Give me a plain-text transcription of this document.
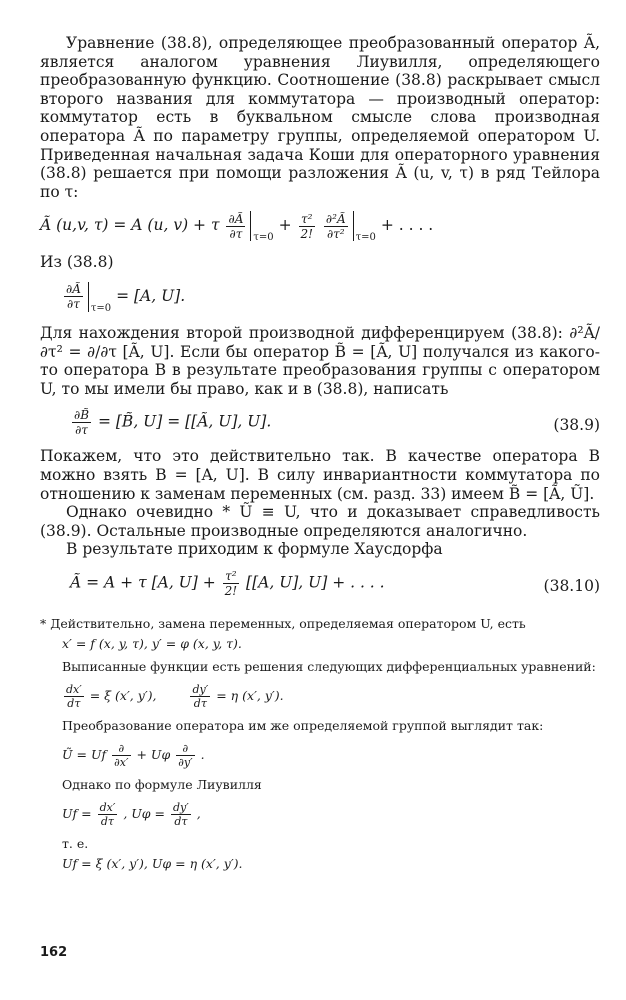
Уравнение (38.8), определяющее преобразованный оператор Ã, является аналогом уравнения Лиувилля, определяющего преобразованную функцию. Соотношение (38.8) раскрывает смысл второго названия для коммутатора — производный оператор: коммутатор есть в буквальном смысле слова производная оператора Ã по параметру группы, определяемой оператором U. Приведенная начальная задача Коши для операторного уравнения (38.8) решается при помощи разложения Ã (u, v, τ) в ряд Тейлора по τ:

Ã (u,v, τ) = A (u, v) + τ $\frac{\partial Ã}{\partial\tau} _{\tau=0} + \frac{\text{τ²}}{2!}$
$\frac{\text{∂²Ã}}{\text{∂τ²}} _{\tau=0}$ + . . . .

Из (38.8)

$\frac{\partial Ã}{\partial\tau} _{\tau=0} = [A$, U].

Для нахождения второй производной дифференцируем (38.8): ∂²Ã/∂τ² = ∂/∂τ [Ã, U]. Если бы оператор B̃ = [Ã, U] получался из какого-то оператора B в результате преобразования группы с оператором U, то мы имели бы право, как и в (38.8), написать

$\frac{\partial B̃}{\partial\tau}$ = [B̃, U] = [[Ã, U], U].	(38.9)

Покажем, что это действительно так. В качестве оператора B можно взять B = [A, U]. В силу инвариантности коммутатора по отношению к заменам переменных (см. разд. 33) имеем B̃ = [Ã, Ũ].

Однако очевидно * Ũ ≡ U, что и доказывает справедливость (38.9). Остальные производные определяются аналогично.

В результате приходим к формуле Хаусдорфа

Ã = A + τ [A, $U] + \frac{\text{τ²}}{2!} [[A$, U], U] + . . . .	(38.10)

* Действительно, замена переменных, определяемая оператором U, есть

x′ = f (x, y, τ), y′ = φ (x, y, τ).

Выписанные функции есть решения следующих дифференциальных уравнений:

$\frac{dx'}{d\tau} = \xi$ (x′, y′),	$\frac{dy'}{d\tau} = \eta$ (x′, y′).

Преобразование оператора им же определяемой группой выглядит так:

Ũ = Uf $\frac{\partial}{\partial x'} + U\varphi \frac{\partial}{\partial y'}$ .

Однако по формуле Лиувилля

$Uf = \frac{dx'}{d\tau}$ , $U\varphi = \frac{dy'}{d\tau}$ ,

т. е.

Uf = ξ (x′, y′), Uφ = η (x′, y′).
162
